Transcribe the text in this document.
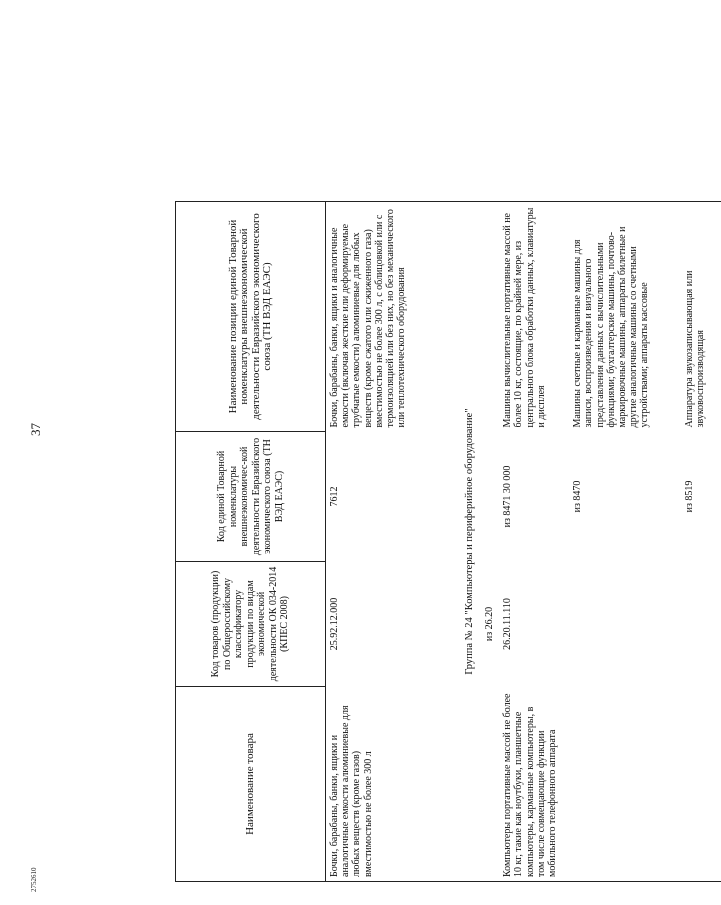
37
2752610
Наименование товара	Код товаров (продукции) по Общероссийскому классификатору продукции по видам экономической деятельности ОК 034-2014 (КПЕС 2008)	Код единой Товарной номенклатуры внешнеэкономичес-кой деятельности Евразийского экономического союза (ТН ВЭД ЕАЭС)	Наименование позиции единой Товарной номенклатуры внешнеэкономической деятельности Евразийского экономического союза (ТН ВЭД ЕАЭС)
Бочки, барабаны, банки, ящики и аналогичные емкости алюминиевые для любых веществ (кроме газов) вместимостью не более 300 л	25.92.12.000	7612	Бочки, барабаны, банки, ящики и аналогичные емкости (включая жесткие или деформируемые трубчатые емкости) алюминиевые для любых веществ (кроме сжатого или сжиженного газа) вместимостью не более 300 л, с облицовкой или с термоизоляцией или без них, но без механического или теплотехнического оборудования

Группа № 24 "Компьютеры и периферийное оборудование"			

	из 26.20		
Компьютеры портативные массой не более 10 кг, такие как ноутбуки, планшетные компьютеры, карманные компьютеры, в том числе совмещающие функции мобильного телефонного аппарата	26.20.11.110	из 8471 30 000	Машины вычислительные портативные массой не более 10 кг, состоящие, по крайней мере, из центрального блока обработки данных, клавиатуры и дисплея
		из 8470	Машины счетные и карманные машины для записи, воспроизведения и визуального представления данных с вычислительными функциями; бухгалтерские машины, почтово-маркировочные машины, аппараты билетные и другие аналогичные машины со счетными устройствами; аппараты кассовые
		из 8519	Аппаратура звукозаписывающая или звуковоспроизводящая
